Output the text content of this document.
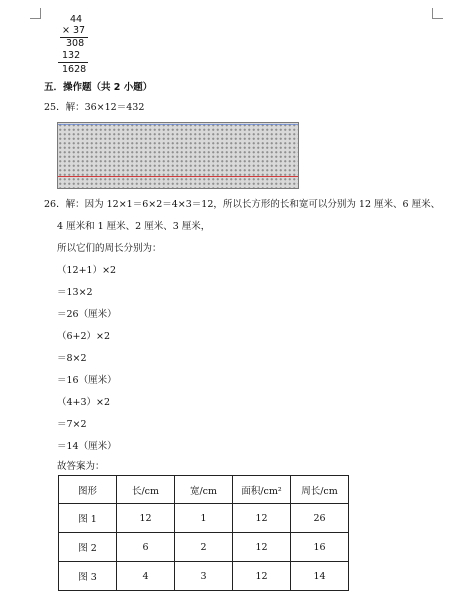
44
× 37
308
132
1628
五．操作题（共 2 小题）
25．解：36×12＝432
26．解：因为 12×1＝6×2＝4×3＝12，所以长方形的长和宽可以分别为 12 厘米、6 厘米、
4 厘米和 1 厘米、2 厘米、3 厘米，
所以它们的周长分别为：
（12+1）×2
＝13×2
＝26（厘米）
（6+2）×2
＝8×2
＝16（厘米）
（4+3）×2
＝7×2
＝14（厘米）
故答案为：
图形	长/cm	宽/cm	面积/cm²	周长/cm
图 1	12	1	12	26
图 2	6	2	12	16
图 3	4	3	12	14
